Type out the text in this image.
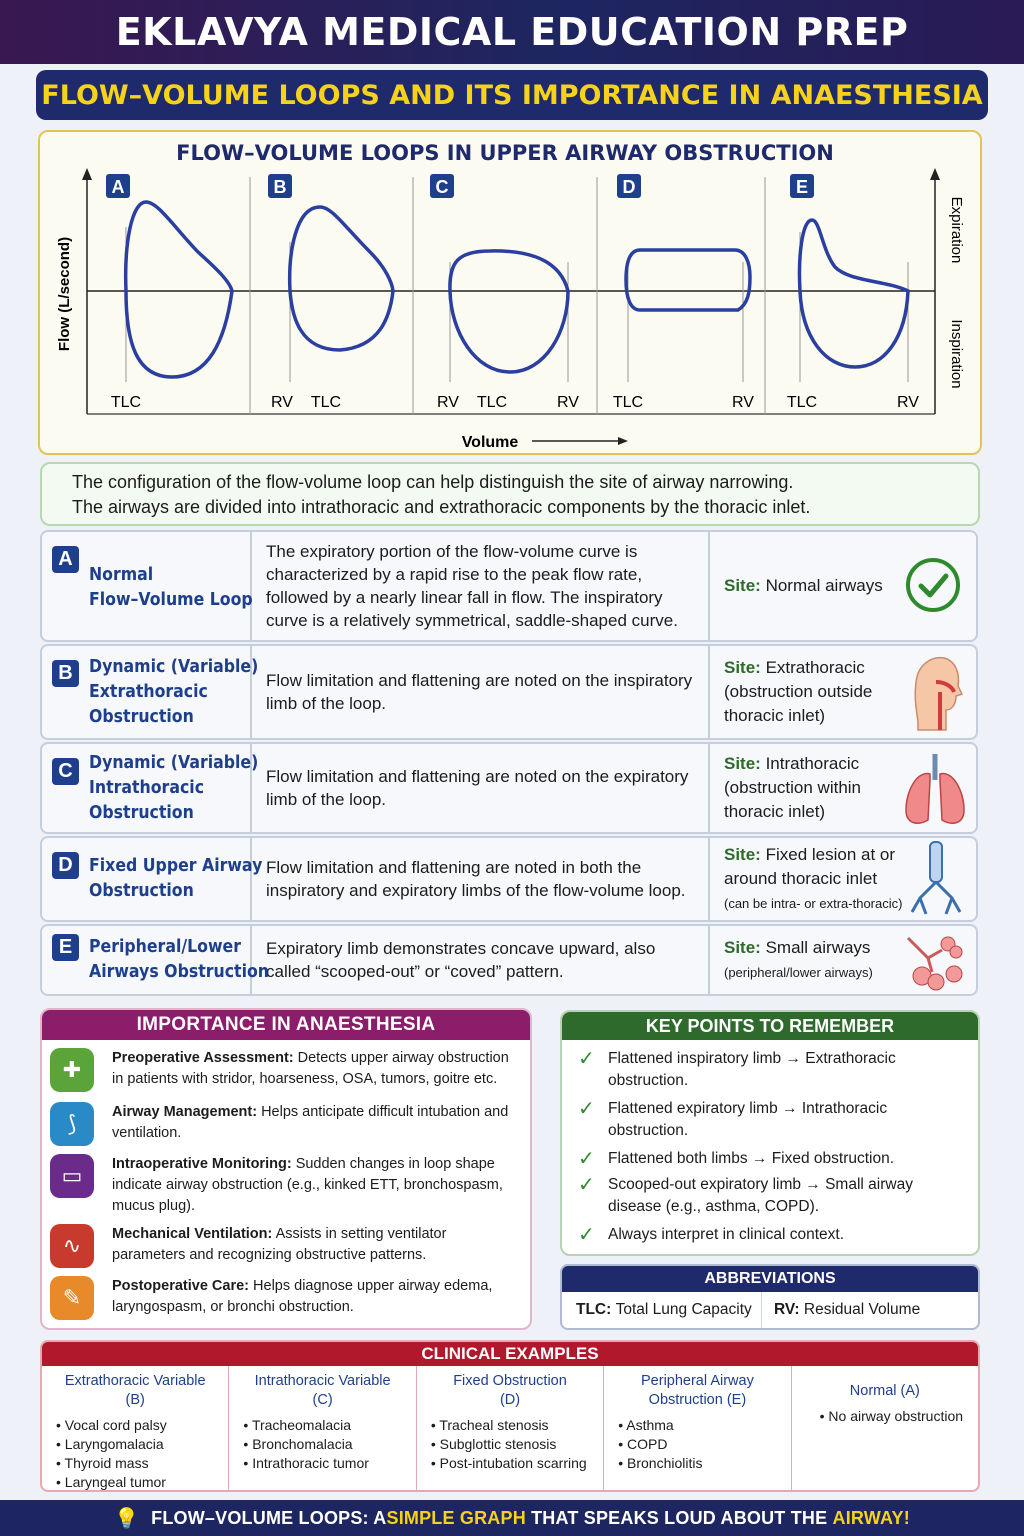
EKLAVYA MEDICAL EDUCATION PREP
FLOW–VOLUME LOOPS AND ITS IMPORTANCE IN ANAESTHESIA
FLOW–VOLUME LOOPS IN UPPER AIRWAY OBSTRUCTION
A
TLC
B
RV TLC
C
RV TLC	RV
D
TLC	RV
E
TLC	RV
Flow (L/second)
Expiration
Inspiration
Volume
The configuration of the flow-volume loop can help distinguish the site of airway narrowing.
The airways are divided into intrathoracic and extrathoracic components by the thoracic inlet.
A
Normal
Flow–Volume Loop
The expiratory portion of the flow-volume curve is characterized by a rapid rise to the peak flow rate, followed by a nearly linear fall in flow. The inspiratory curve is a relatively symmetrical, saddle-shaped curve.
Site: Normal airways
B Dynamic (Variable)
Extrathoracic
Obstruction
Flow limitation and flattening are noted on the inspiratory limb of the loop.
Site: Extrathoracic (obstruction outside thoracic inlet)
C Dynamic (Variable)
Intrathoracic
Obstruction
Flow limitation and flattening are noted on the expiratory limb of the loop.
Site: Intrathoracic (obstruction within thoracic inlet)
D Fixed Upper Airway
Obstruction
Flow limitation and flattening are noted in both the inspiratory and expiratory limbs of the flow-volume loop.
Site: Fixed lesion at or around thoracic inlet
(can be intra- or extra-thoracic)
E Peripheral/Lower
Airways Obstruction
Expiratory limb demonstrates concave upward, also called “scooped-out” or “coved” pattern.
Site: Small airways
(peripheral/lower airways)
IMPORTANCE IN ANAESTHESIA
✚	Preoperative Assessment: Detects upper airway obstruction in patients with stridor, hoarseness, OSA, tumors, goitre etc.
⟆	Airway Management: Helps anticipate difficult intubation and ventilation.
▭	Intraoperative Monitoring: Sudden changes in loop shape indicate airway obstruction (e.g., kinked ETT, bronchospasm, mucus plug).
∿	Mechanical Ventilation: Assists in setting ventilator parameters and recognizing obstructive patterns.
✎	Postoperative Care: Helps diagnose upper airway edema, laryngospasm, or bronchi obstruction.
KEY POINTS TO REMEMBER
✓ Flattened inspiratory limb → Extrathoracic obstruction.
✓ Flattened expiratory limb → Intrathoracic obstruction.
✓ Flattened both limbs → Fixed obstruction.
✓ Scooped-out expiratory limb → Small airway disease (e.g., asthma, COPD).
✓ Always interpret in clinical context.
ABBREVIATIONS
TLC:
Total Lung Capacity	RV: Residual Volume
CLINICAL EXAMPLES
Extrathoracic Variable
(B)
• Vocal cord palsy
• Laryngomalacia
• Thyroid mass
• Laryngeal tumor
Intrathoracic Variable
(C)
• Tracheomalacia
• Bronchomalacia
• Intrathoracic tumor
Fixed Obstruction
(D)
• Tracheal stenosis
• Subglottic stenosis
• Post-intubation scarring
Peripheral Airway
Obstruction (E)
• Asthma
• COPD
• Bronchiolitis
Normal (A)
• No airway obstruction
💡 FLOW–VOLUME LOOPS: A SIMPLE GRAPH THAT SPEAKS LOUD ABOUT THE AIRWAY!
